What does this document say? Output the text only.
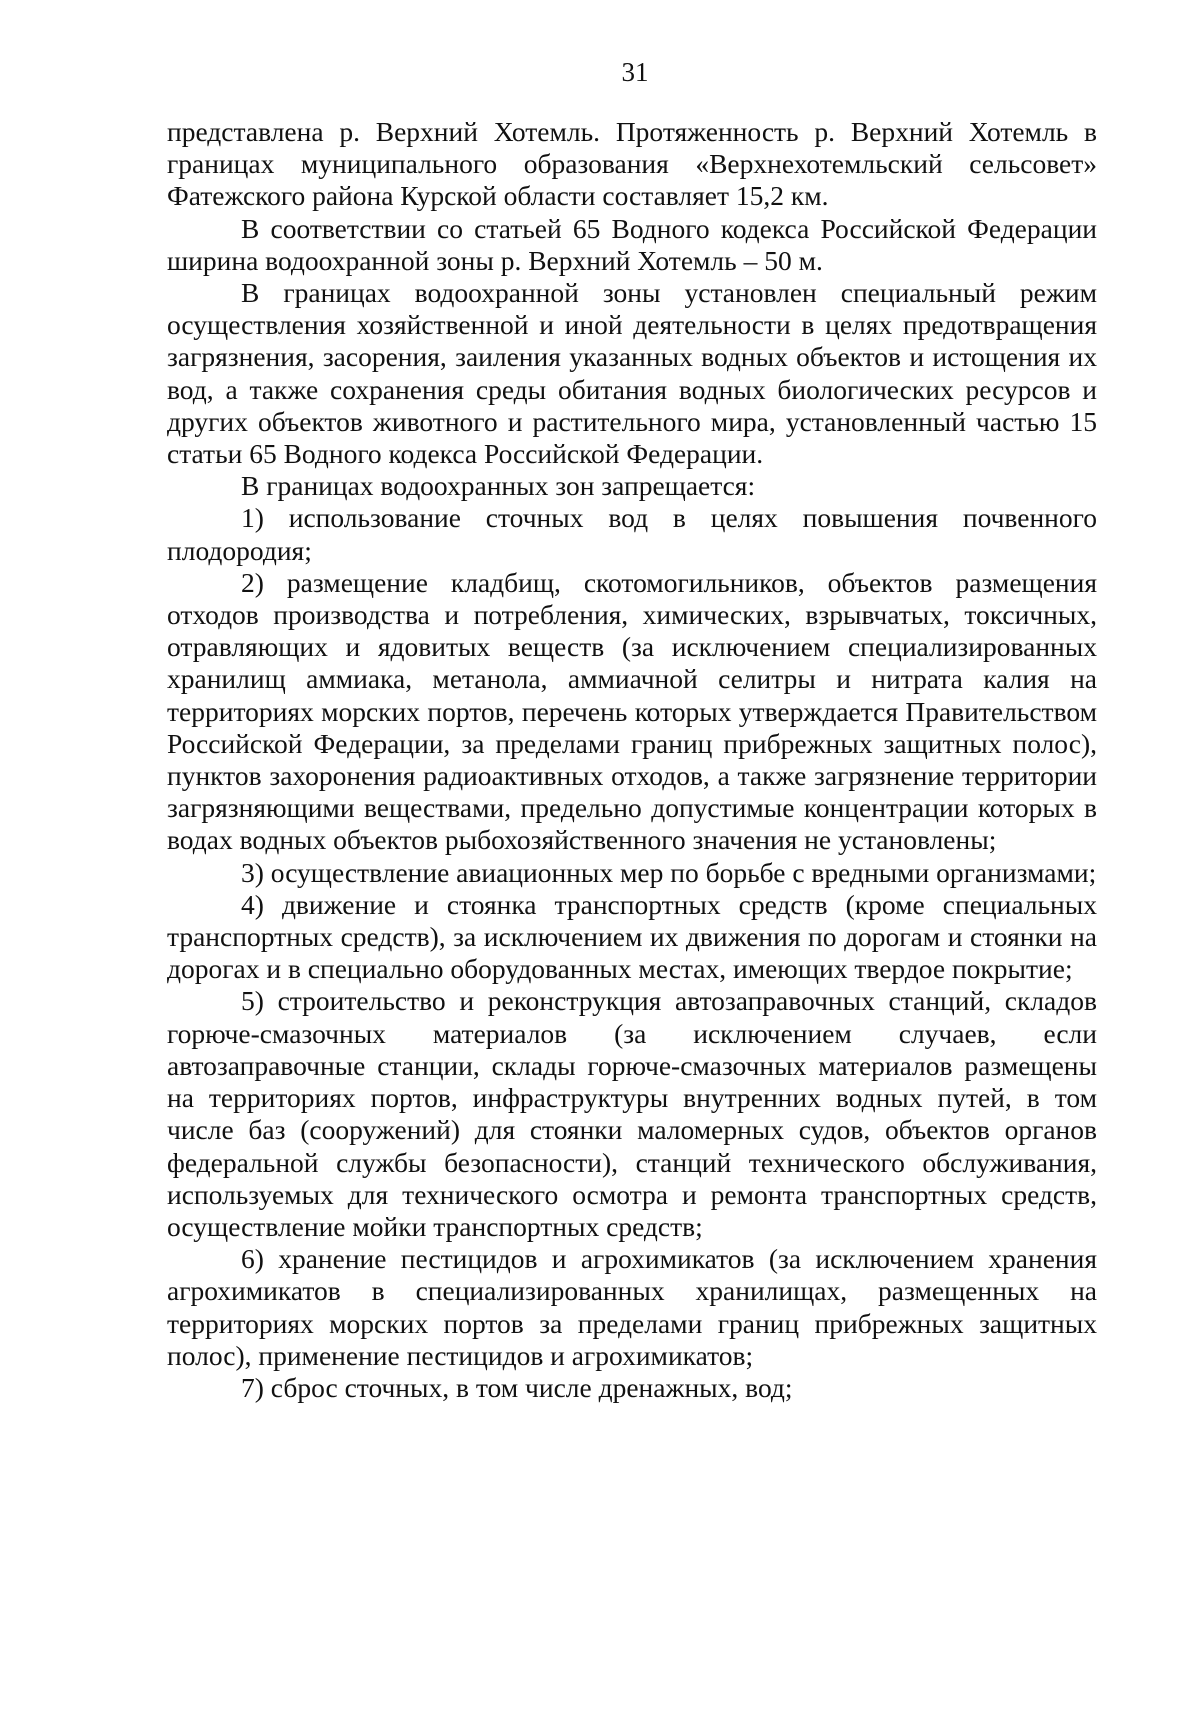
31

представлена р. Верхний Хотемль. Протяженность р. Верхний Хотемль в границах муниципального образования «Верхнехотемльский сельсовет» Фатежского района Курской области составляет 15,2 км.

В соответствии со статьей 65 Водного кодекса Российской Федерации ширина водоохранной зоны р. Верхний Хотемль – 50 м.

В границах водоохранной зоны установлен специальный режим осуществления хозяйственной и иной деятельности в целях предотвращения загрязнения, засорения, заиления указанных водных объектов и истощения их вод, а также сохранения среды обитания водных биологических ресурсов и других объектов животного и растительного мира, установленный частью 15 статьи 65 Водного кодекса Российской Федерации.

В границах водоохранных зон запрещается:

1) использование сточных вод в целях повышения почвенного плодородия;

2) размещение кладбищ, скотомогильников, объектов размещения отходов производства и потребления, химических, взрывчатых, токсичных, отравляющих и ядовитых веществ (за исключением специализированных хранилищ аммиака, метанола, аммиачной селитры и нитрата калия на территориях морских портов, перечень которых утверждается Правительством Российской Федерации, за пределами границ прибрежных защитных полос), пунктов захоронения радиоактивных отходов, а также загрязнение территории загрязняющими веществами, предельно допустимые концентрации которых в водах водных объектов рыбохозяйственного значения не установлены;

3) осуществление авиационных мер по борьбе с вредными организмами;

4) движение и стоянка транспортных средств (кроме специальных транспортных средств), за исключением их движения по дорогам и стоянки на дорогах и в специально оборудованных местах, имеющих твердое покрытие;

5) строительство и реконструкция автозаправочных станций, складов горюче-смазочных материалов (за исключением случаев, если автозаправочные станции, склады горюче-смазочных материалов размещены на территориях портов, инфраструктуры внутренних водных путей, в том числе баз (сооружений) для стоянки маломерных судов, объектов органов федеральной службы безопасности), станций технического обслуживания, используемых для технического осмотра и ремонта транспортных средств, осуществление мойки транспортных средств;

6) хранение пестицидов и агрохимикатов (за исключением хранения агрохимикатов в специализированных хранилищах, размещенных на территориях морских портов за пределами границ прибрежных защитных полос), применение пестицидов и агрохимикатов;

7) сброс сточных, в том числе дренажных, вод;
